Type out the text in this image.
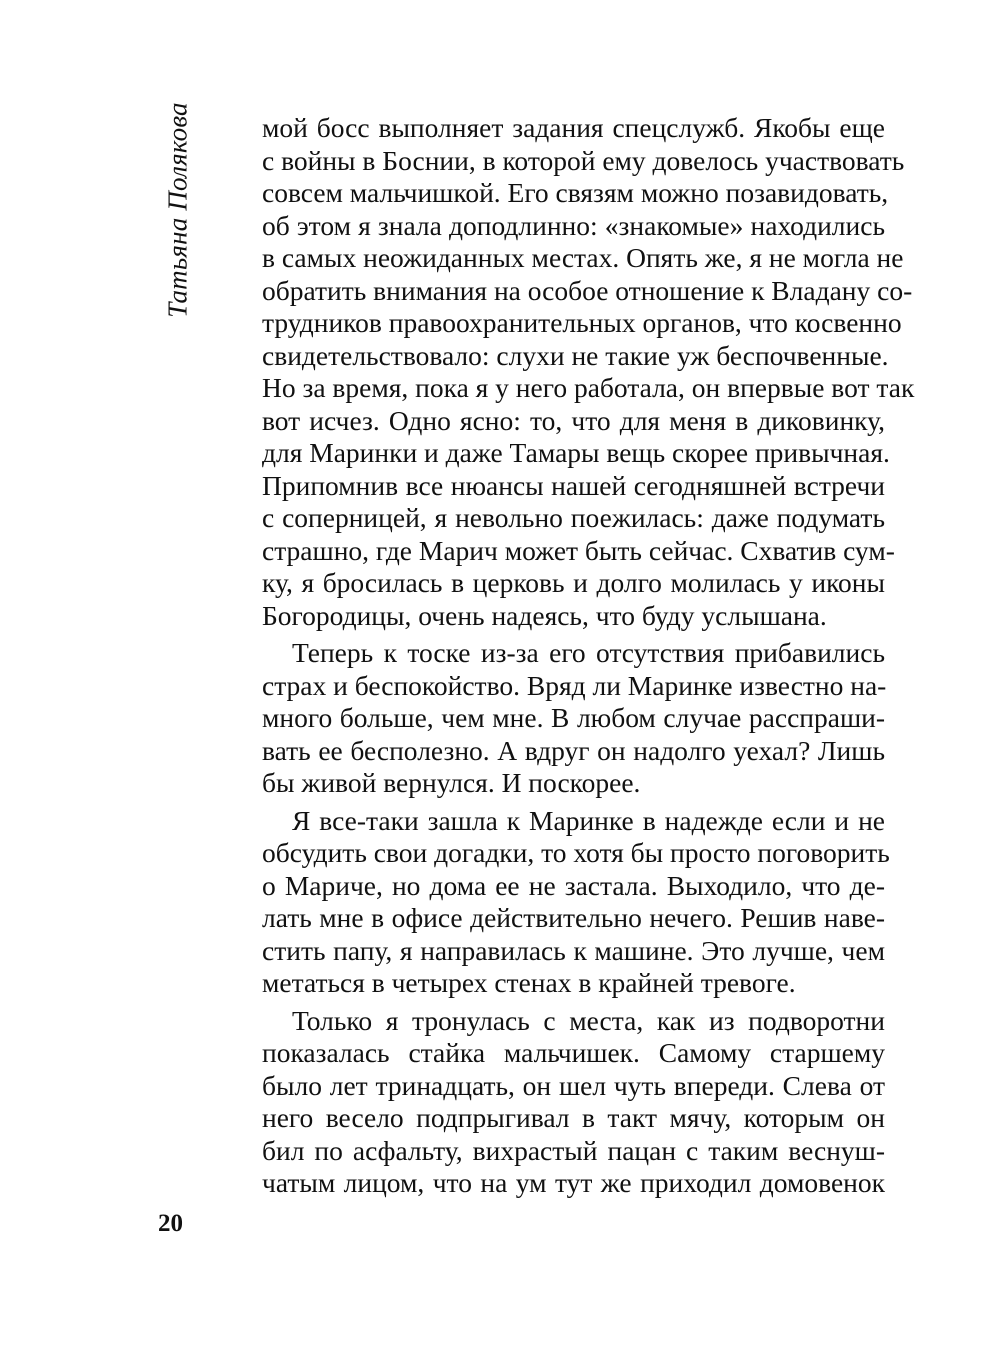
Татьяна Полякова	мой босс выполняет задания спецслужб. Якобы еще
с войны в Боснии, в которой ему довелось участвовать
совсем мальчишкой. Его связям можно позавидовать,
об этом я знала доподлинно: «знакомые» находились
в самых неожиданных местах. Опять же, я не могла не
обратить внимания на особое отношение к Владану со-
трудников правоохранительных органов, что косвенно
свидетельствовало: слухи не такие уж беспочвенные.
Но за время, пока я у него работала, он впервые вот так
вот исчез. Одно ясно: то, что для меня в диковинку,
для Маринки и даже Тамары вещь скорее привычная.
Припомнив все нюансы нашей сегодняшней встречи
с соперницей, я невольно поежилась: даже подумать
страшно, где Марич может быть сейчас. Схватив сум-
ку, я бросилась в церковь и долго молилась у иконы
Богородицы, очень надеясь, что буду услышана.
Теперь к тоске из-за его отсутствия прибавились
страх и беспокойство. Вряд ли Маринке известно на-
много больше, чем мне. В любом случае расспраши-
вать ее бесполезно. А вдруг он надолго уехал? Лишь
бы живой вернулся. И поскорее.
Я все-таки зашла к Маринке в надежде если и не
обсудить свои догадки, то хотя бы просто поговорить
о Мариче, но дома ее не застала. Выходило, что де-
лать мне в офисе действительно нечего. Решив наве-
стить папу, я направилась к машине. Это лучше, чем
метаться в четырех стенах в крайней тревоге.
Только я тронулась с места, как из подворотни
показалась стайка мальчишек. Самому старшему
было лет тринадцать, он шел чуть впереди. Слева от
него весело подпрыгивал в такт мячу, которым он
бил по асфальту, вихрастый пацан с таким веснуш-
чатым лицом, что на ум тут же приходил домовенок
20
